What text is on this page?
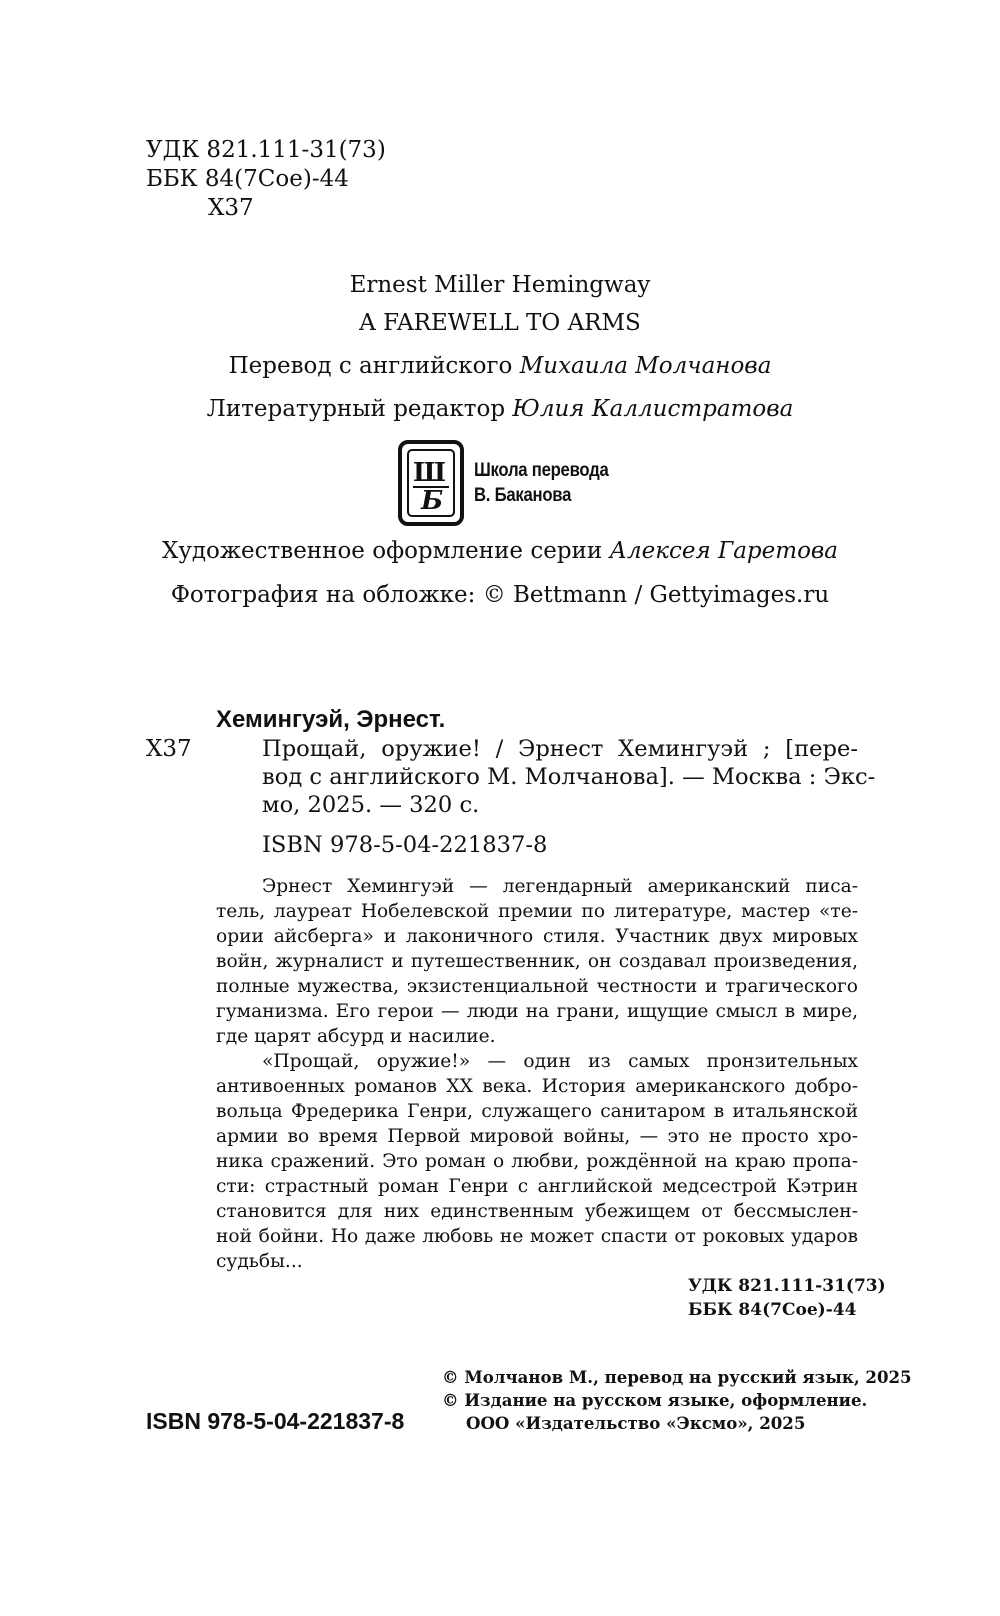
УДК 821.111-31(73)
ББК 84(7Сое)-44
Х37
Ernest Miller Hemingway
A FAREWELL TO ARMS
Перевод с английского Михаила Молчанова
Литературный редактор Юлия Каллистратова
Ш
Б
Школа перевода
В. Баканова
Художественное оформление серии Алексея Гаретова
Фотография на обложке: © Bettmann / Gettyimages.ru
Хемингуэй, Эрнест.
Х37	Прощай, оружие! / Эрнест Хемингуэй ; [пере-
вод с английского М. Молчанова]. — Москва : Экс-
мо, 2025. — 320 с.
ISBN 978-5-04-221837-8
Эрнест Хемингуэй — легендарный американский писа-
тель, лауреат Нобелевской премии по литературе, мастер «те-
ории айсберга» и лаконичного стиля. Участник двух мировых
войн, журналист и путешественник, он создавал произведения,
полные мужества, экзистенциальной честности и трагического
гуманизма. Его герои — люди на грани, ищущие смысл в мире,
где царят абсурд и насилие.
«Прощай, оружие!» — один из самых пронзительных
антивоенных романов XX века. История американского добро-
вольца Фредерика Генри, служащего санитаром в итальянской
армии во время Первой мировой войны, — это не просто хро-
ника сражений. Это роман о любви, рождённой на краю пропа-
сти: страстный роман Генри с английской медсестрой Кэтрин
становится для них единственным убежищем от бессмыслен-
ной бойни. Но даже любовь не может спасти от роковых ударов
судьбы...
УДК 821.111-31(73)
ББК 84(7Сое)-44
© Молчанов М., перевод на русский язык, 2025
© Издание на русском языке, оформление.
ООО «Издательство «Эксмо», 2025
ISBN 978-5-04-221837-8
